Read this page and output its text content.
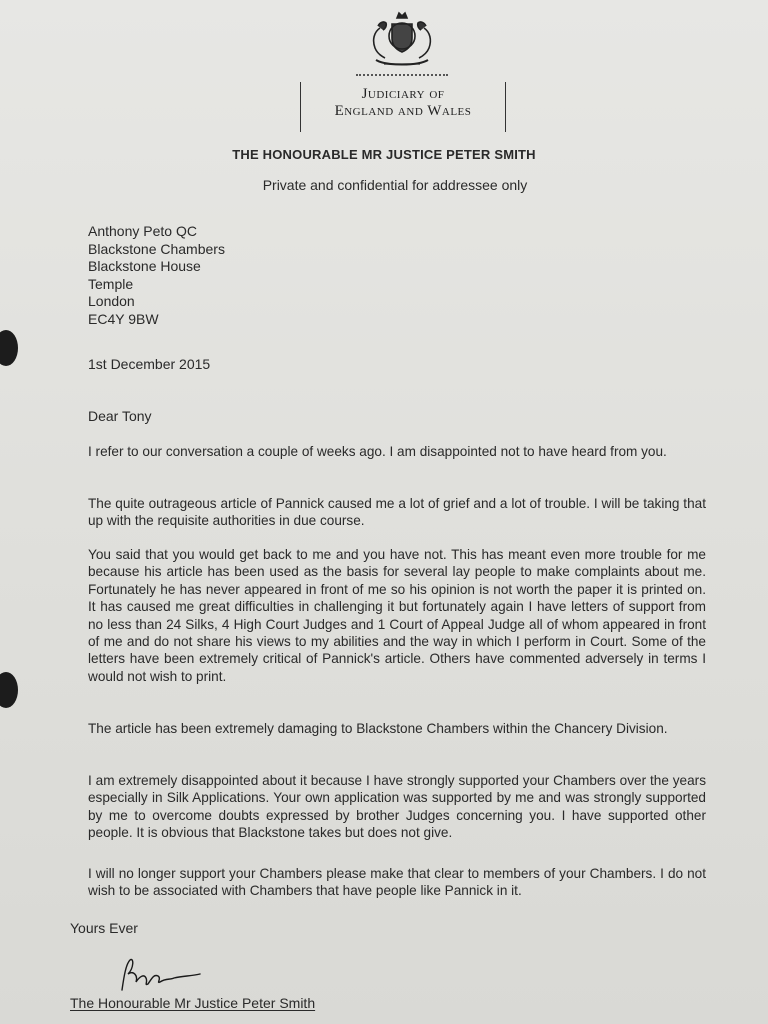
Judiciary of
England and Wales
THE HONOURABLE MR JUSTICE PETER SMITH
Private and confidential for addressee only
Anthony Peto QC
Blackstone Chambers
Blackstone House
Temple
London
EC4Y 9BW
1st December 2015
Dear Tony

I refer to our conversation a couple of weeks ago. I am disappointed not to have heard from you.

The quite outrageous article of Pannick caused me a lot of grief and a lot of trouble. I will be taking that up with the requisite authorities in due course.

You said that you would get back to me and you have not. This has meant even more trouble for me because his article has been used as the basis for several lay people to make complaints about me. Fortunately he has never appeared in front of me so his opinion is not worth the paper it is printed on. It has caused me great difficulties in challenging it but fortunately again I have letters of support from no less than 24 Silks, 4 High Court Judges and 1 Court of Appeal Judge all of whom appeared in front of me and do not share his views to my abilities and the way in which I perform in Court. Some of the letters have been extremely critical of Pannick's article. Others have commented adversely in terms I would not wish to print.

The article has been extremely damaging to Blackstone Chambers within the Chancery Division.

I am extremely disappointed about it because I have strongly supported your Chambers over the years especially in Silk Applications. Your own application was supported by me and was strongly supported by me to overcome doubts expressed by brother Judges concerning you. I have supported other people. It is obvious that Blackstone takes but does not give.

I will no longer support your Chambers please make that clear to members of your Chambers. I do not wish to be associated with Chambers that have people like Pannick in it.

Yours Ever
The Honourable Mr Justice Peter Smith
